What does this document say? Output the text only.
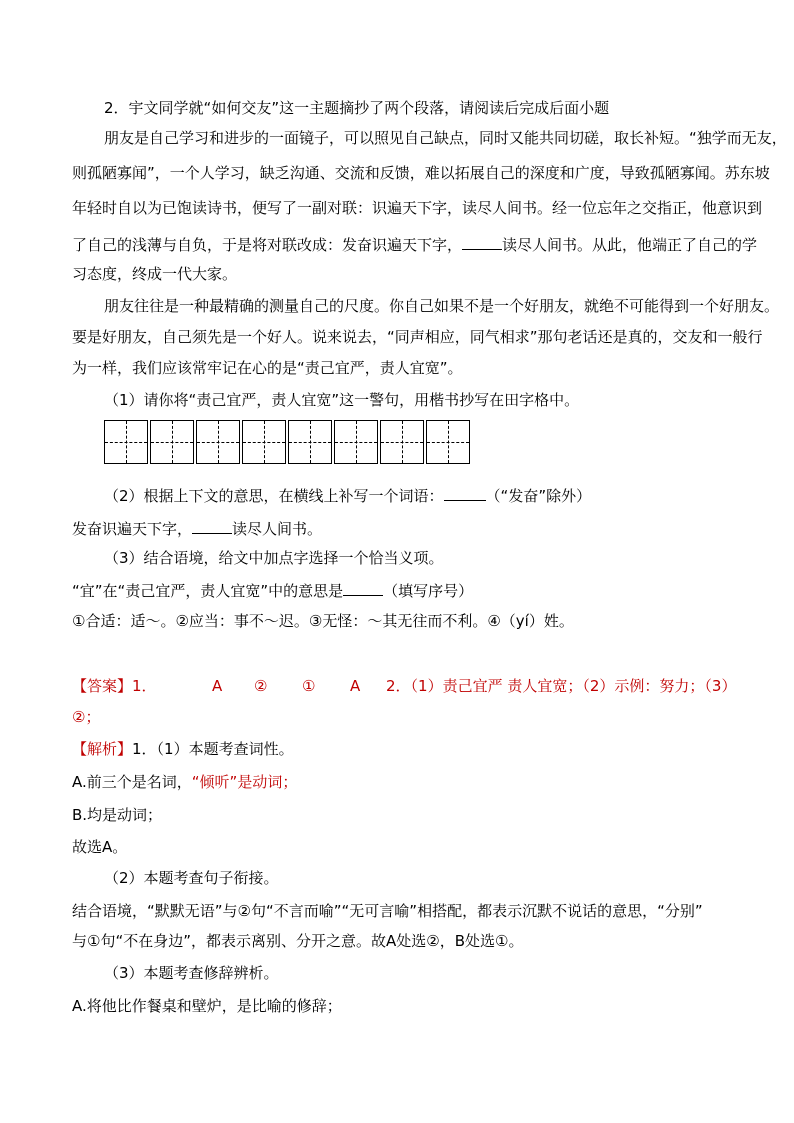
2．宇文同学就“如何交友”这一主题摘抄了两个段落，请阅读后完成后面小题
朋友是自己学习和进步的一面镜子，可以照见自己缺点，同时又能共同切磋，取长补短。“独学而无友，
则孤陋寡闻”，一个人学习，缺乏沟通、交流和反馈，难以拓展自己的深度和广度，导致孤陋寡闻。苏东坡
年轻时自以为已饱读诗书，便写了一副对联：识遍天下字，读尽人间书。经一位忘年之交指正，他意识到
了自己的浅薄与自负，于是将对联改成：发奋识遍天下字，	读尽人间书。从此，他端正了自己的学
习态度，终成一代大家。
朋友往往是一种最精确的测量自己的尺度。你自己如果不是一个好朋友，就绝不可能得到一个好朋友。
要是好朋友，自己须先是一个好人。说来说去，“同声相应，同气相求”那句老话还是真的，交友和一般行
为一样，我们应该常牢记在心的是“责己宜严，责人宜宽”。
（1）请你将“责己宜严，责人宜宽”这一警句，用楷书抄写在田字格中。
（2）根据上下文的意思，在横线上补写一个词语：	（“发奋”除外）
发奋识遍天下字，	读尽人间书。
（3）结合语境，给文中加点字选择一个恰当义项。
“宜”在“责己宜严，责人宜宽”中的意思是	（填写序号）
①合适：适～。②应当：事不～迟。③无怪：～其无往而不利。④（yí）姓。
【答案】1．	A ② ① A 2．（1）责己宜严 责人宜宽；（2）示例：努力；（3）
②；
【解析】1．（1）本题考查词性。
A.前三个是名词，“倾听”是动词；
B.均是动词；
故选A。
（2）本题考查句子衔接。
结合语境，“默默无语”与②句“不言而喻”“无可言喻”相搭配，都表示沉默不说话的意思，“分别”
与①句“不在身边”，都表示离别、分开之意。故A处选②，B处选①。
（3）本题考查修辞辨析。
A.将他比作餐桌和壁炉，是比喻的修辞；
